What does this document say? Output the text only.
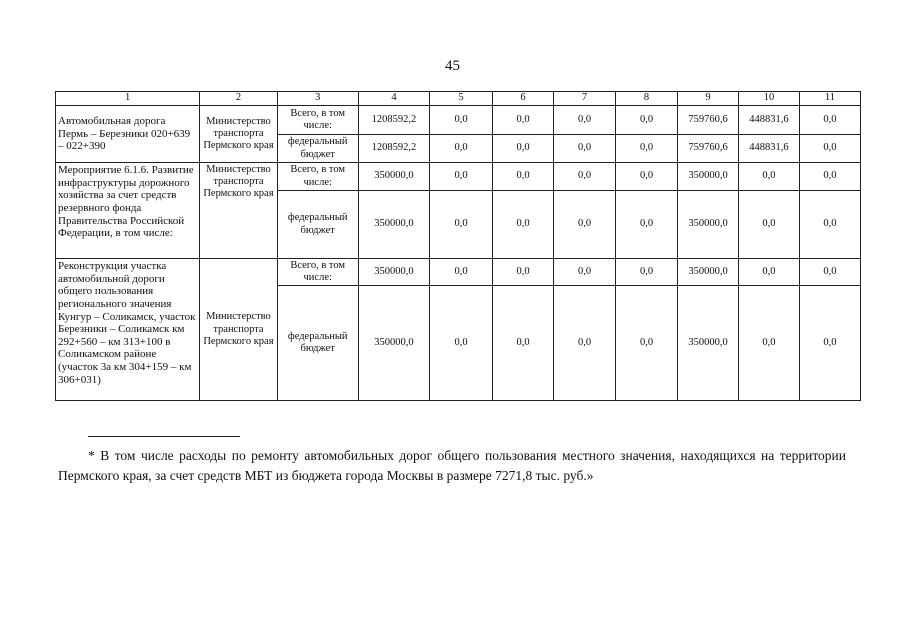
45
1	2	3	4	5	6	7	8	9	10	11
Автомобильная дорога Пермь – Березники 020+639 – 022+390	Министерство транспорта Пермского края	Всего, в том числе:	1208592,2	0,0	0,0	0,0	0,0	759760,6	448831,6	0,0
		федеральный бюджет	1208592,2	0,0	0,0	0,0	0,0	759760,6	448831,6	0,0
Мероприятие 6.1.6. Развитие инфраструктуры дорожного хозяйства за счет средств резервного фонда Правительства Российской Федерации, в том числе:	Министерство транспорта Пермского края	Всего, в том числе:	350000,0	0,0	0,0	0,0	0,0	350000,0	0,0	0,0
		федеральный бюджет	350000,0	0,0	0,0	0,0	0,0	350000,0	0,0	0,0
Реконструкция участка автомобильной дороги общего пользования регионального значения Кунгур – Соликамск, участок Березники – Соликамск км 292+560 – км 313+100 в Соликамском районе (участок 3а км 304+159 – км 306+031)	Министерство транспорта Пермского края	Всего, в том числе:	350000,0	0,0	0,0	0,0	0,0	350000,0	0,0	0,0
		федеральный бюджет	350000,0	0,0	0,0	0,0	0,0	350000,0	0,0	0,0
* В том числе расходы по ремонту автомобильных дорог общего пользования местного значения, находящихся на территории Пермского края, за счет средств МБТ из бюджета города Москвы в размере 7271,8 тыс. руб.»
